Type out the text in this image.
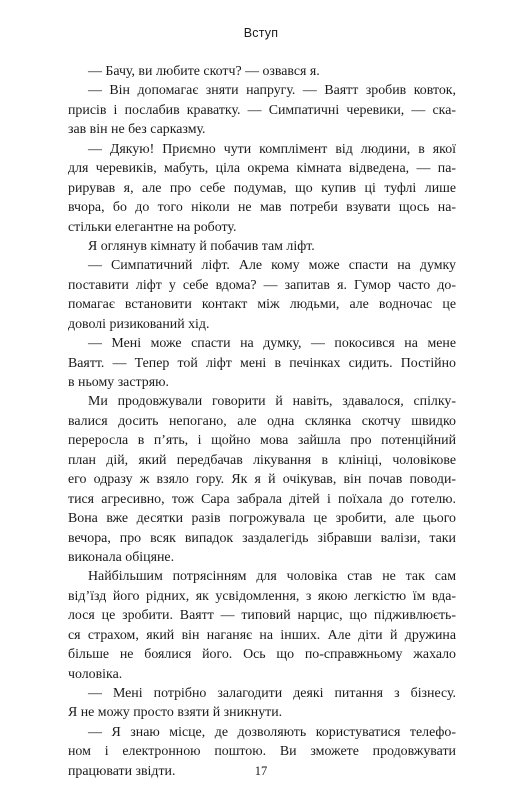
Вступ
— Бачу, ви любите скотч? — озвався я.
— Він допомагає зняти напругу. — Ваятт зробив ковток,
присів і послабив краватку. — Симпатичні черевики, — ска-
зав він не без сарказму.
— Дякую! Приємно чути комплімент від людини, в якої
для черевиків, мабуть, ціла окрема кімната відведена, — па-
рирував я, але про себе подумав, що купив ці туфлі лише
вчора, бо до того ніколи не мав потреби взувати щось на-
стільки елегантне на роботу.
Я оглянув кімнату й побачив там ліфт.
— Симпатичний ліфт. Але кому може спасти на думку
поставити ліфт у себе вдома? — запитав я. Гумор часто до-
помагає встановити контакт між людьми, але водночас це
доволі ризикований хід.
— Мені може спасти на думку, — покосився на мене
Ваятт. — Тепер той ліфт мені в печінках сидить. Постійно
в ньому застряю.
Ми продовжували говорити й навіть, здавалося, спілку-
валися досить непогано, але одна склянка скотчу швидко
переросла в п’ять, і щойно мова зайшла про потенційний
план дій, який передбачав лікування в клініці, чоловікове
его одразу ж взяло гору. Як я й очікував, він почав поводи-
тися агресивно, тож Сара забрала дітей і поїхала до готелю.
Вона вже десятки разів погрожувала це зробити, але цього
вечора, про всяк випадок заздалегідь зібравши валізи, таки
виконала обіцяне.
Найбільшим потрясінням для чоловіка став не так сам
від’їзд його рідних, як усвідомлення, з якою легкістю їм вда-
лося це зробити. Ваятт — типовий нарцис, що підживлюєть-
ся страхом, який він наганяє на інших. Але діти й дружина
більше не боялися його. Ось що по-справжньому жахало
чоловіка.
— Мені потрібно залагодити деякі питання з бізнесу.
Я не можу просто взяти й зникнути.
— Я знаю місце, де дозволяють користуватися телефо-
ном і електронною поштою. Ви зможете продовжувати
працювати звідти.	17
